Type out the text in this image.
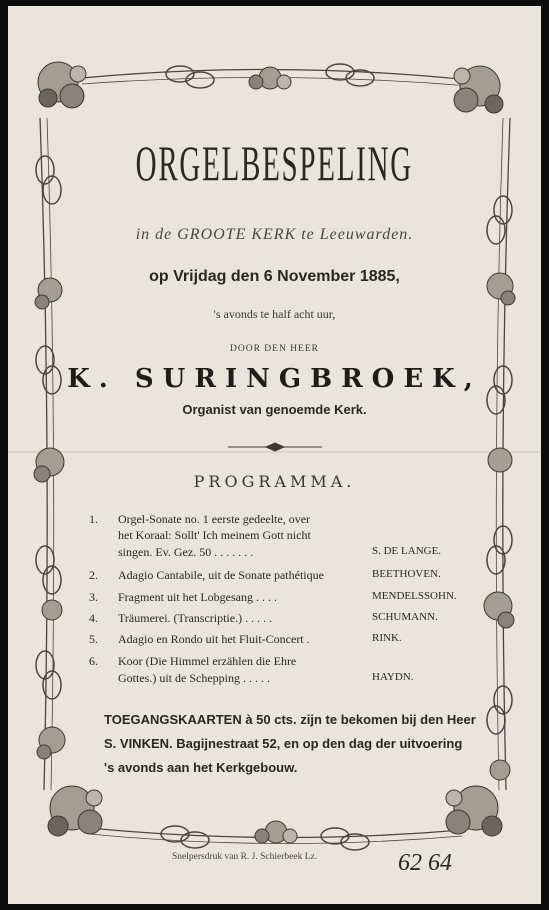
ORGELBESPELING
in de GROOTE KERK te Leeuwarden.
op Vrijdag den 6 November 1885,
's avonds te half acht uur,
DOOR DEN HEER
K. SURINGBROEK,
Organist van genoemde Kerk.
PROGRAMMA.
1. Orgel-Sonate no. 1 eerste gedeelte, over
het Koraal: Sollt' Ich meinem Gott nicht
singen. Ev. Gez. 50 . . . . . . .	S. DE LANGE.
2. Adagio Cantabile, uit de Sonate pathétique	BEETHOVEN.
3. Fragment uit het Lobgesang . . . .	MENDELSSOHN.
4. Träumerei. (Transcriptie.) . . . . .	SCHUMANN.
5. Adagio en Rondo uit het Fluit-Concert .	RINK.
6. Koor (Die Himmel erzählen die Ehre
Gottes.) uit de Schepping . . . . .	HAYDN.
TOEGANGSKAARTEN à 50 cts. zijn te bekomen bij den Heer
S. VINKEN. Bagijnestraat 52, en op den dag der uitvoering
's avonds aan het Kerkgebouw.
Snelpersdruk van R. J. Schierbeek Lz.	62 64
